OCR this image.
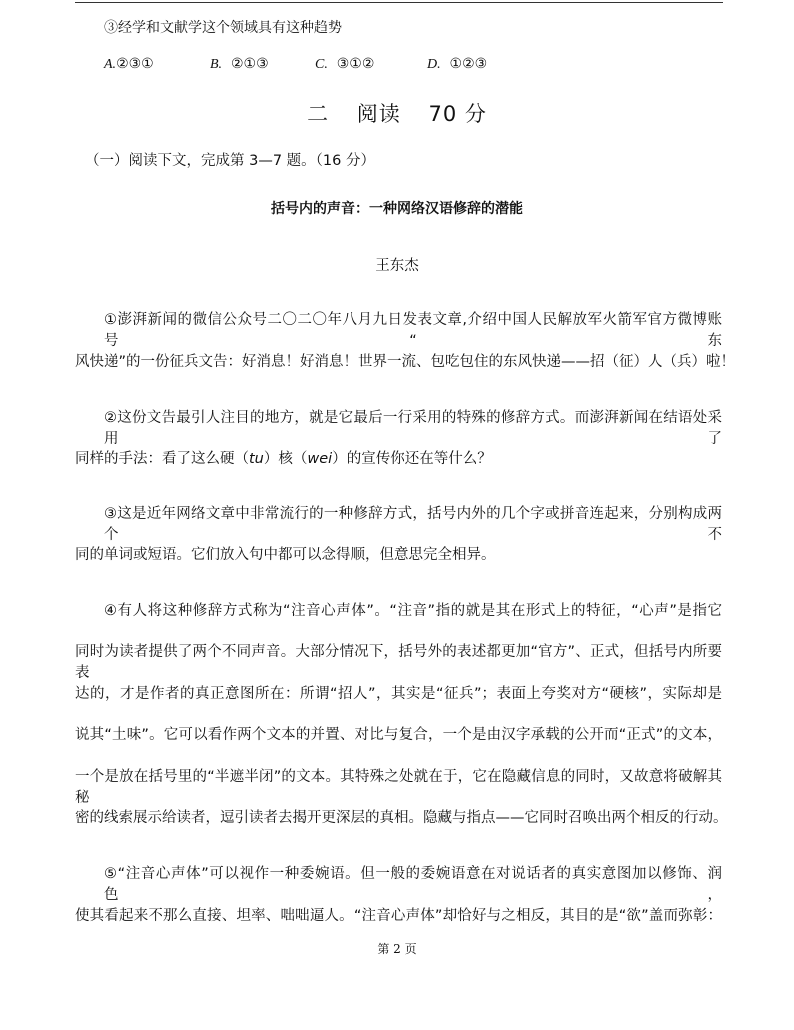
③经学和文献学这个领域具有这种趋势
A.②③①	B. ②①③	C. ③①②	D. ①②③
二 阅读 70 分
（一）阅读下文，完成第 3—7 题。（16 分）
括号内的声音：一种网络汉语修辞的潜能
王东杰
①澎湃新闻的微信公众号二〇二〇年八月九日发表文章,介绍中国人民解放军火箭军官方微博账号“东
风快递”的一份征兵文告：好消息！好消息！世界一流、包吃包住的东风快递——招（征）人（兵）啦！
②这份文告最引人注目的地方，就是它最后一行采用的特殊的修辞方式。而澎湃新闻在结语处采用了
同样的手法：看了这么硬（tu）核（wei）的宣传你还在等什么？
③这是近年网络文章中非常流行的一种修辞方式，括号内外的几个字或拼音连起来，分别构成两个不
同的单词或短语。它们放入句中都可以念得顺，但意思完全相异。
④有人将这种修辞方式称为“注音心声体”。“注音”指的就是其在形式上的特征，“心声”是指它
同时为读者提供了两个不同声音。大部分情况下，括号外的表述都更加“官方”、正式，但括号内所要表
达的，才是作者的真正意图所在：所谓“招人”，其实是“征兵”；表面上夸奖对方“硬核”，实际却是
说其“土味”。它可以看作两个文本的并置、对比与复合，一个是由汉字承载的公开而“正式”的文本，
一个是放在括号里的“半遮半闭”的文本。其特殊之处就在于，它在隐藏信息的同时，又故意将破解其秘
密的线索展示给读者，逗引读者去揭开更深层的真相。隐藏与指点——它同时召唤出两个相反的行动。
⑤“注音心声体”可以视作一种委婉语。但一般的委婉语意在对说话者的真实意图加以修饰、润色，
使其看起来不那么直接、坦率、咄咄逼人。“注音心声体”却恰好与之相反，其目的是“欲”盖而弥彰：
第 2 页
